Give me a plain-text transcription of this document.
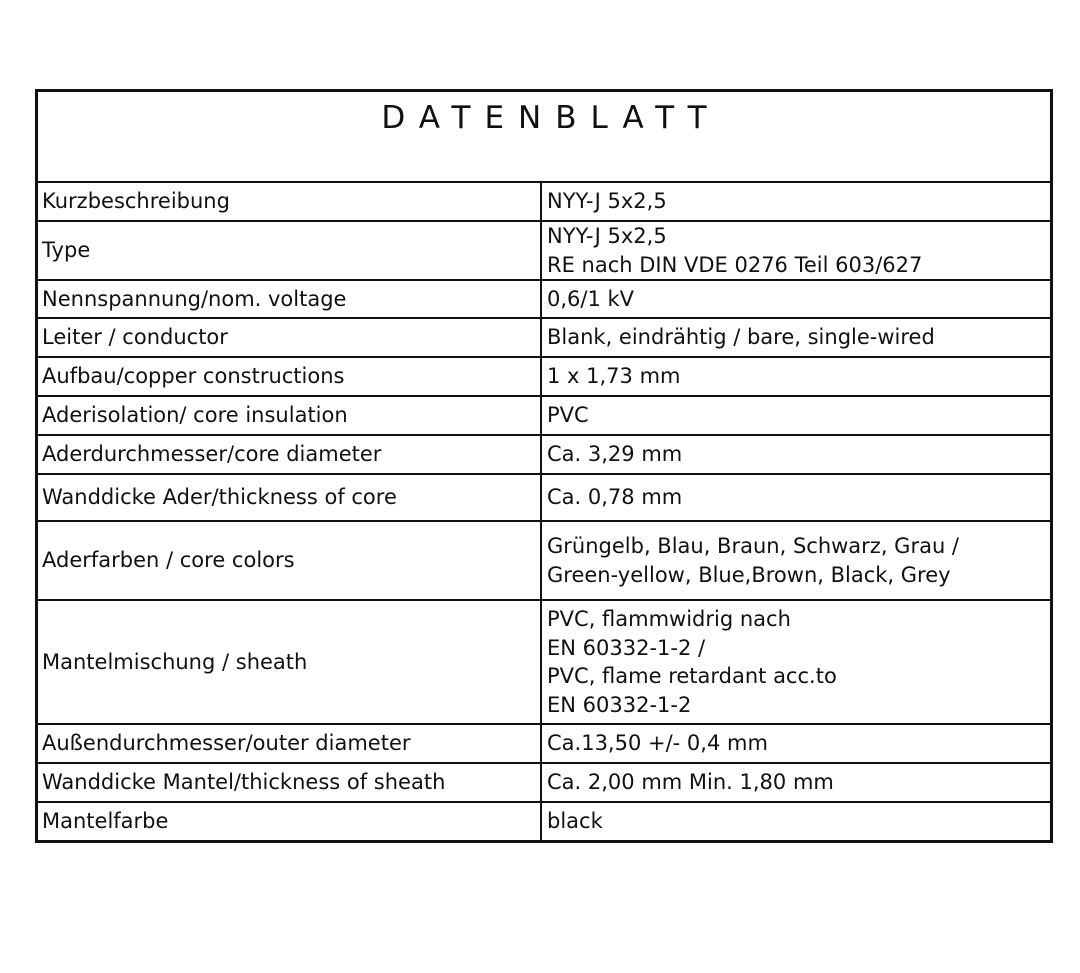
DATENBLATT
Kurzbeschreibung	NYY-J 5x2,5

Type	NYY-J 5x2,5
RE nach DIN VDE 0276 Teil 603/627

Nennspannung/nom. voltage	0,6/1 kV

Leiter / conductor	Blank, eindrähtig / bare, single-wired

Aufbau/copper constructions	1 x 1,73 mm

Aderisolation/ core insulation	PVC

Aderdurchmesser/core diameter	Ca. 3,29 mm

Wanddicke Ader/thickness of core	Ca. 0,78 mm

Aderfarben / core colors	Grüngelb, Blau, Braun, Schwarz, Grau /
Green-yellow, Blue,Brown, Black, Grey

Mantelmischung / sheath	PVC, flammwidrig nach
EN 60332-1-2 /
PVC, flame retardant acc.to
EN 60332-1-2

Außendurchmesser/outer diameter	Ca.13,50 +/- 0,4 mm

Wanddicke Mantel/thickness of sheath	Ca. 2,00 mm Min. 1,80 mm

Mantelfarbe	black
